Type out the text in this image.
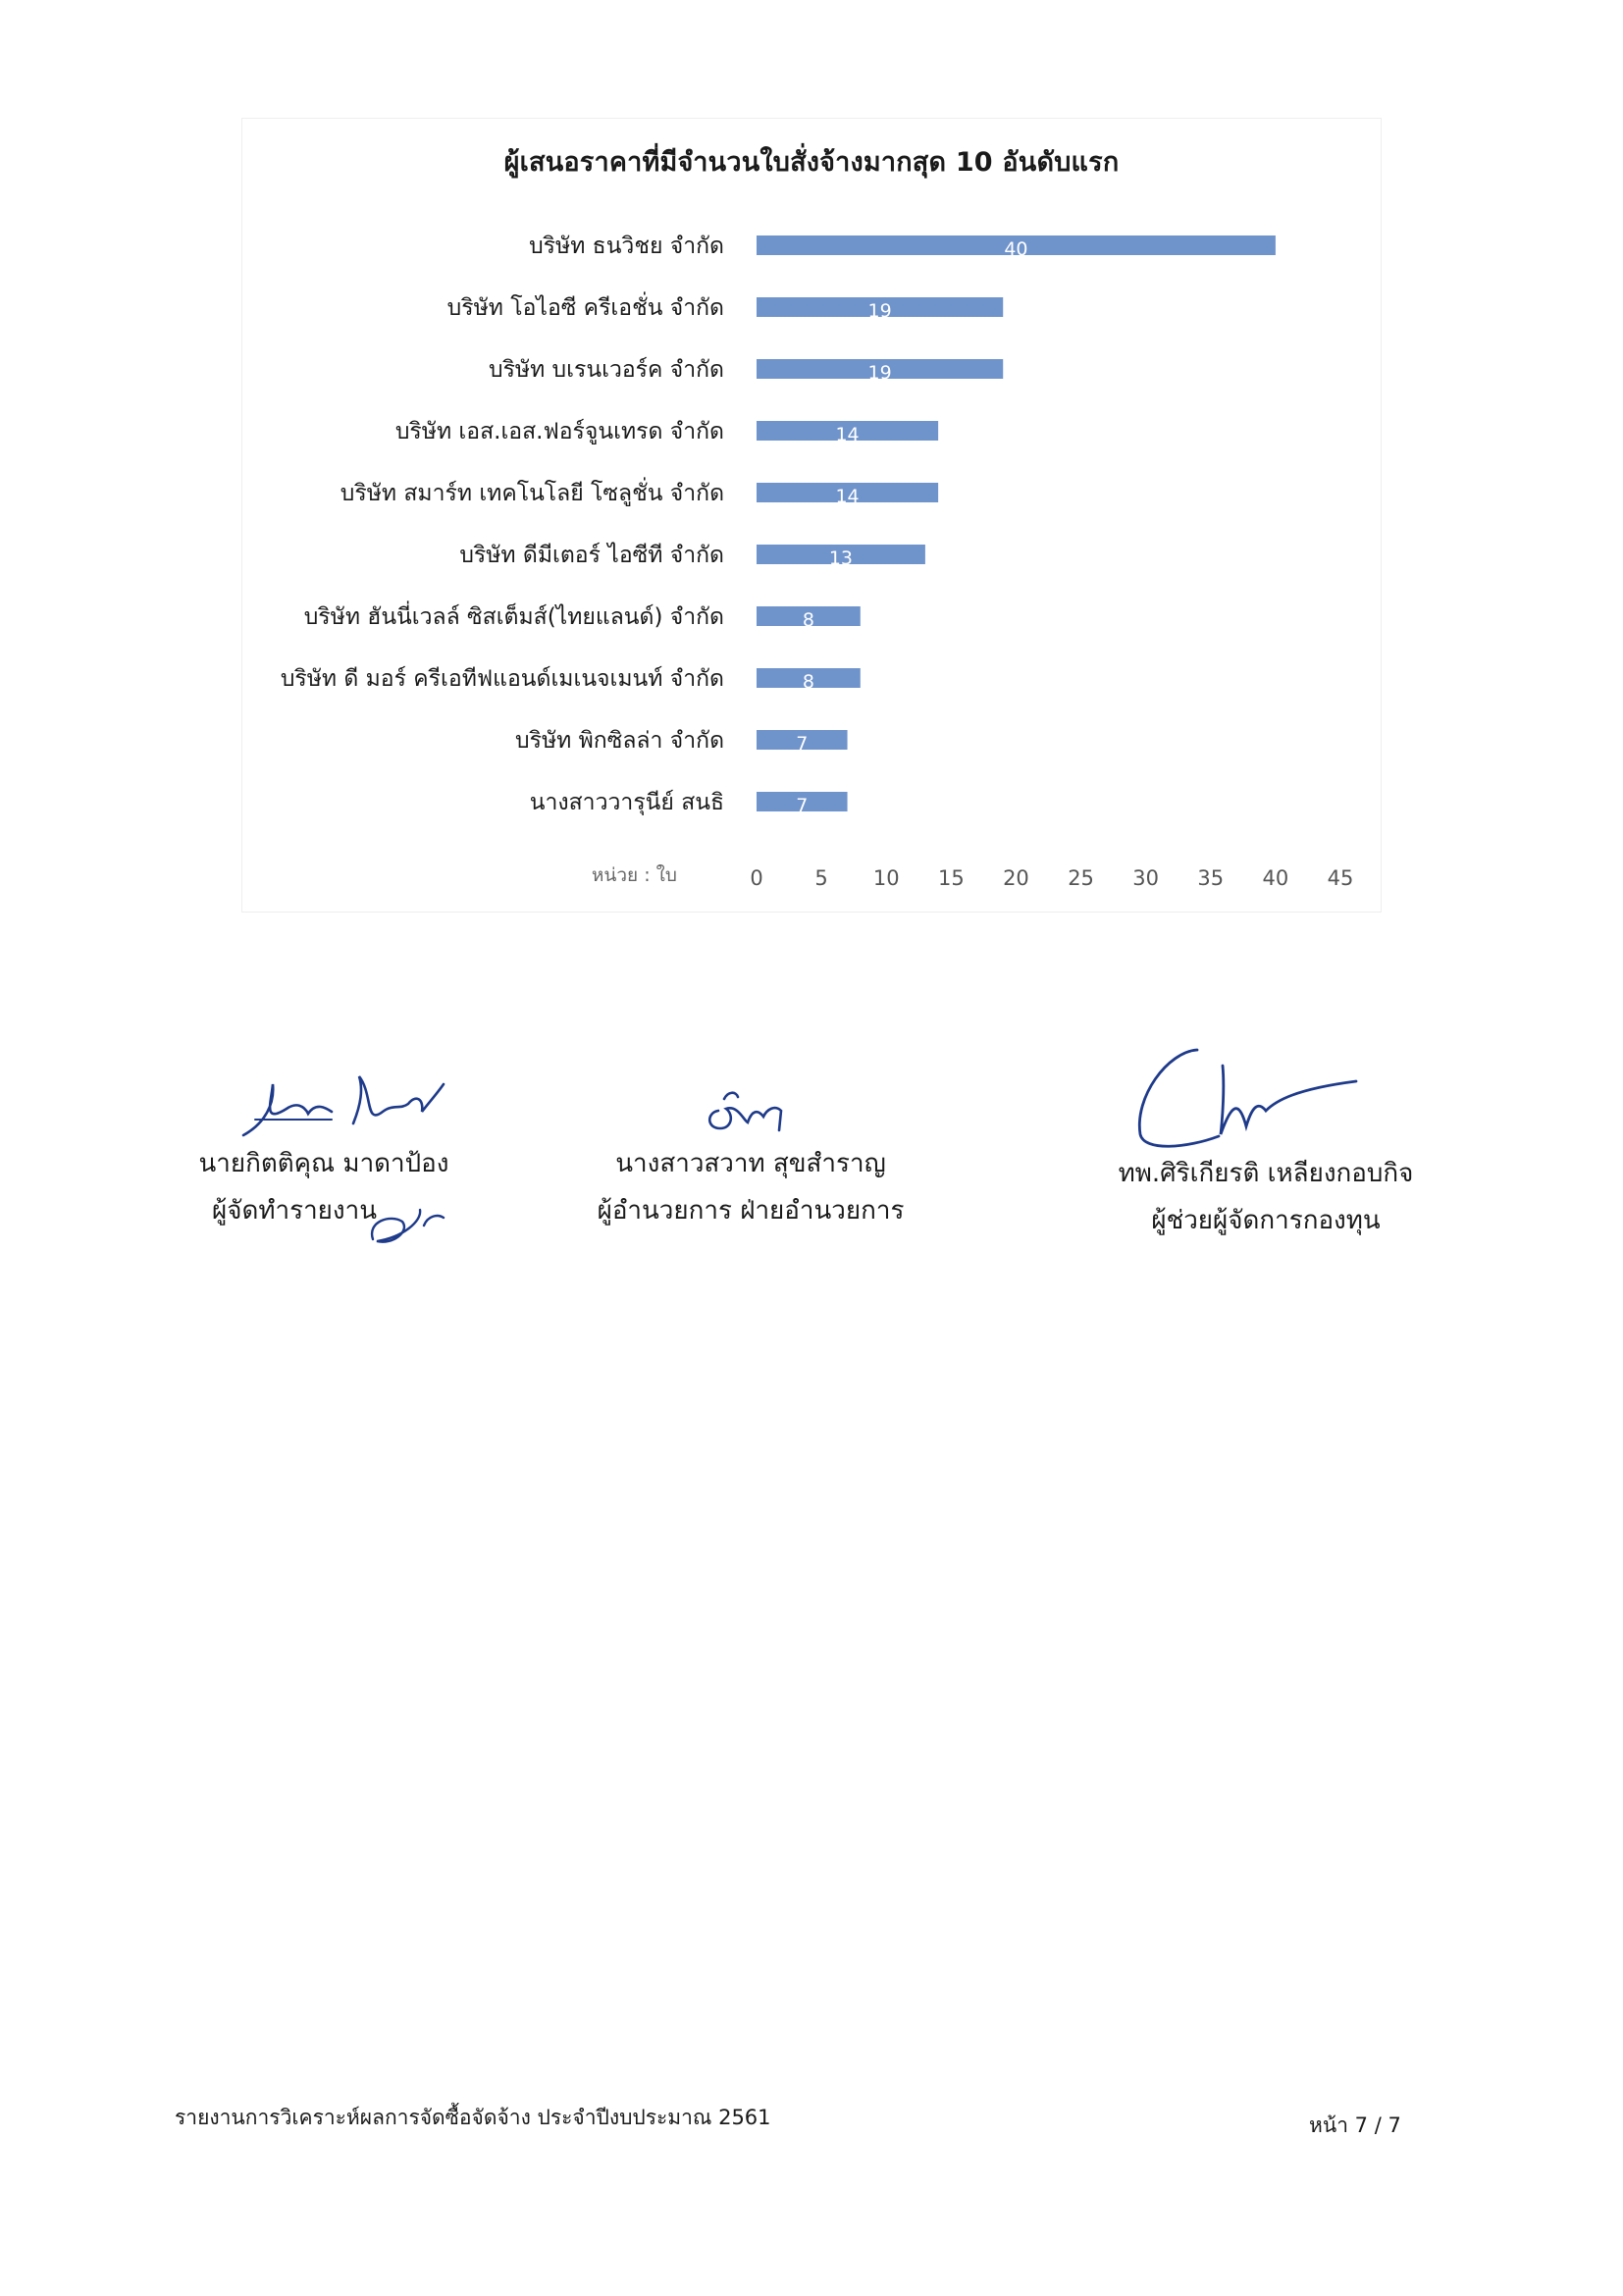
ผู้เสนอราคาที่มีจำนวนใบสั่งจ้างมากสุด 10 อันดับแรก
บริษัท ธนวิชย จำกัด	40
บริษัท โอไอซี ครีเอชั่น จำกัด	19
บริษัท บเรนเวอร์ค จำกัด	19
บริษัท เอส.เอส.ฟอร์จูนเทรด จำกัด	14
บริษัท สมาร์ท เทคโนโลยี โซลูชั่น จำกัด	14
บริษัท ดีมีเตอร์ ไอซีที จำกัด	13
บริษัท ฮันนี่เวลล์ ซิสเต็มส์(ไทยแลนด์) จำกัด	8
บริษัท ดี มอร์ ครีเอทีฟแอนด์เมเนจเมนท์ จำกัด	8
บริษัท พิกซิลล่า จำกัด	7
นางสาววารุนีย์ สนธิ	7
0	5 10 15 20 25 30 35 40 45
หน่วย : ใบ
นายกิตติคุณ มาดาป้อง
ผู้จัดทำรายงาน
นางสาวสวาท สุขสำราญ
ผู้อำนวยการ ฝ่ายอำนวยการ
ทพ.ศิริเกียรติ เหลียงกอบกิจ
ผู้ช่วยผู้จัดการกองทุน
รายงานการวิเคราะห์ผลการจัดซื้อจัดจ้าง ประจำปีงบประมาณ 2561	หน้า 7 / 7
